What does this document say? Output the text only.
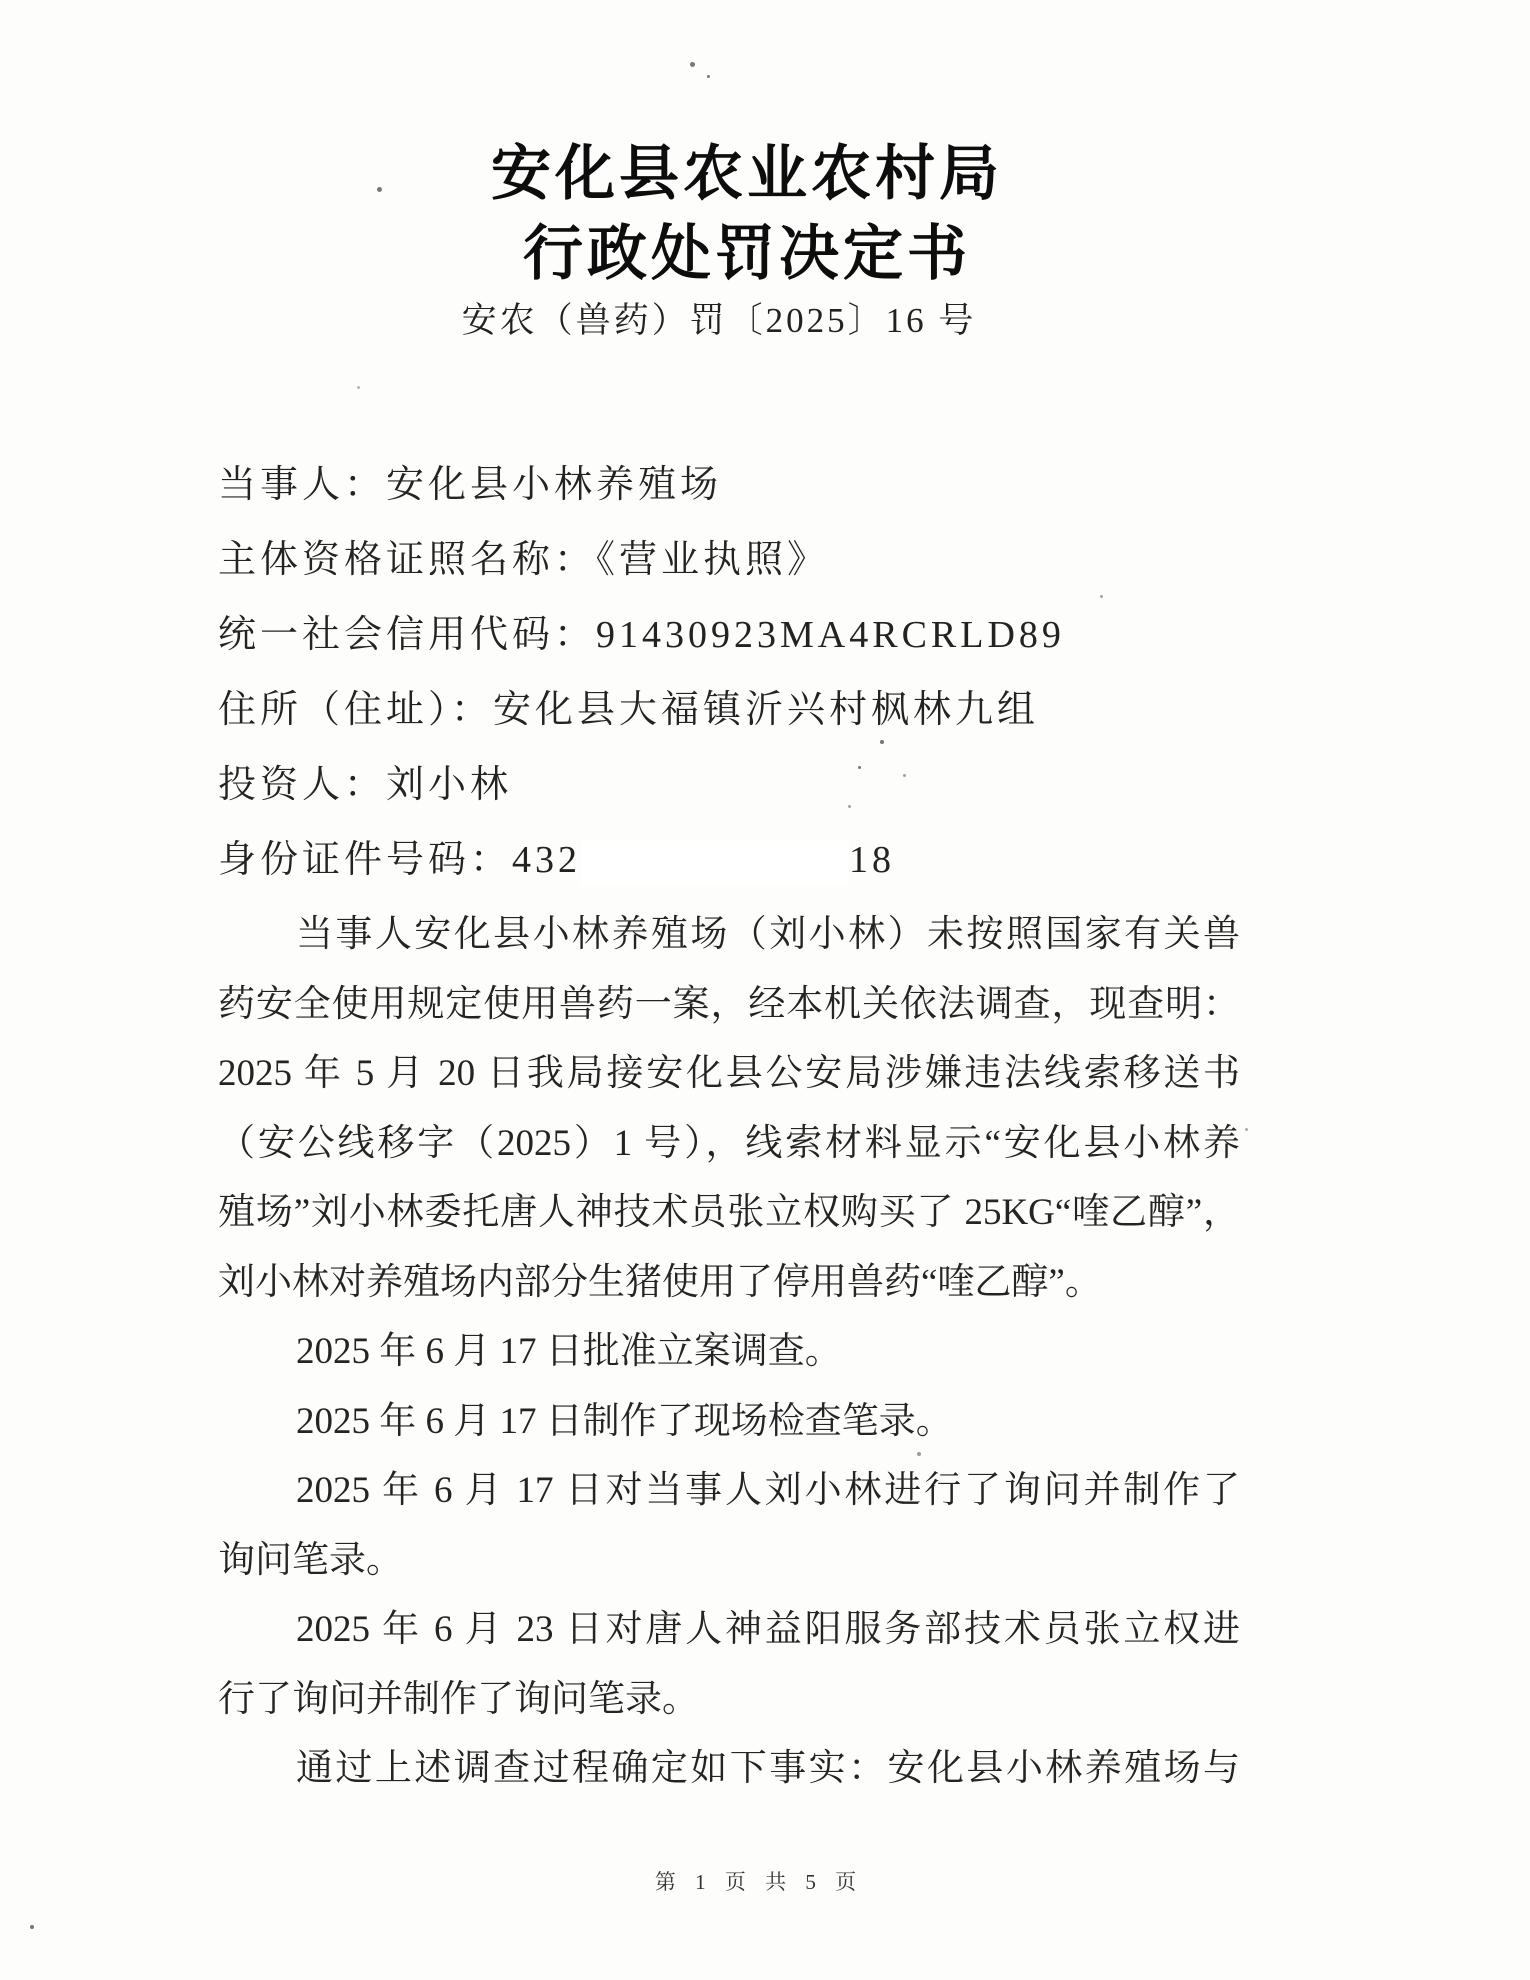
安化县农业农村局
行政处罚决定书
安农（兽药）罚〔2025〕16 号
当事人：安化县小林养殖场
主体资格证照名称：《营业执照》
统一社会信用代码：91430923MA4RCRLD89
住所（住址）：安化县大福镇沂兴村枫林九组
投资人：刘小林
身份证件号码：432	18
当事人安化县小林养殖场（刘小林）未按照国家有关兽
药安全使用规定使用兽药一案，经本机关依法调查，现查明：
2025 年 5 月 20 日我局接安化县公安局涉嫌违法线索移送书
（安公线移字（2025）1 号），线索材料显示“安化县小林养
殖场”刘小林委托唐人神技术员张立权购买了 25KG“喹乙醇”，
刘小林对养殖场内部分生猪使用了停用兽药“喹乙醇”。
2025 年 6 月 17 日批准立案调查。
2025 年 6 月 17 日制作了现场检查笔录。
2025 年 6 月 17 日对当事人刘小林进行了询问并制作了
询问笔录。
2025 年 6 月 23 日对唐人神益阳服务部技术员张立权进
行了询问并制作了询问笔录。
通过上述调查过程确定如下事实：安化县小林养殖场与
第 1 页 共 5 页
